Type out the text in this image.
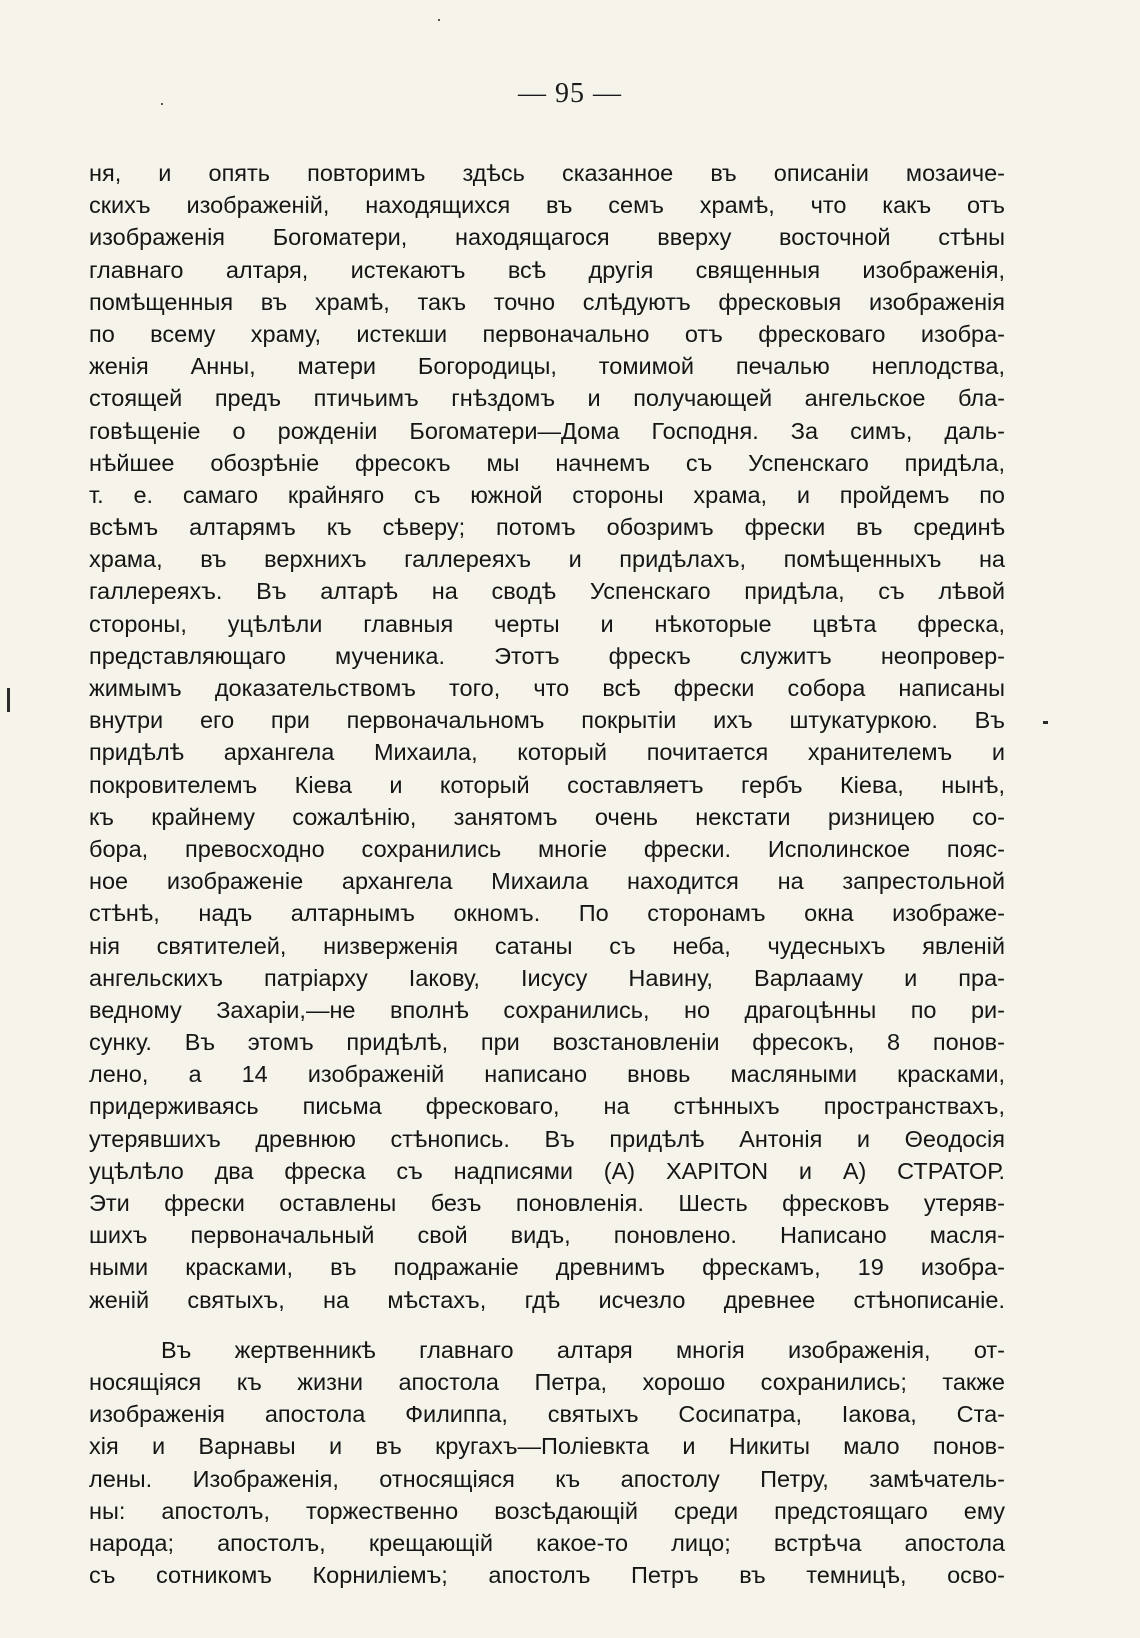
— 95 —
ня, и опять повторимъ здѣсь сказанное въ описанiи мозаиче-
скихъ изображенiй, находящихся въ семъ храмѣ, что какъ отъ
изображенiя Богоматери, находящагося вверху восточной стѣны
главнаго алтаря, истекаютъ всѣ другiя священныя изображенiя,
помѣщенныя въ храмѣ, такъ точно слѣдуютъ фресковыя изображенiя
по всему храму, истекши первоначально отъ фресковаго изобра-
женiя Анны, матери Богородицы, томимой печалью неплодства,
стоящей предъ птичьимъ гнѣздомъ и получающей ангельское бла-
говѣщенiе о рожденiи Богоматери—Дома Господня. За симъ, даль-
нѣйшее обозрѣнiе фресокъ мы начнемъ съ Успенскаго придѣла,
т. е. самаго крайняго съ южной стороны храма, и пройдемъ по
всѣмъ алтарямъ къ сѣверу; потомъ обозримъ фрески въ срединѣ
храма, въ верхнихъ галлереяхъ и придѣлахъ, помѣщенныхъ на
галлереяхъ. Въ алтарѣ на сводѣ Успенскаго придѣла, съ лѣвой
стороны, уцѣлѣли главныя черты и нѣкоторые цвѣта фреска,
представляющаго мученика. Этотъ фрескъ служитъ неопровер-
жимымъ доказательствомъ того, что всѣ фрески собора написаны
внутри его при первоначальномъ покрытiи ихъ штукатуркою. Въ
придѣлѣ архангела Михаила, который почитается хранителемъ и
покровителемъ Кiева и который составляетъ гербъ Кiева, нынѣ,
къ крайнему сожалѣнiю, занятомъ очень некстати ризницею со-
бора, превосходно сохранились многiе фрески. Исполинское пояс-
ное изображенiе архангела Михаила находится на запрестольной
стѣнѣ, надъ алтарнымъ окномъ. По сторонамъ окна изображе-
нiя святителей, низверженiя сатаны съ неба, чудесныхъ явленiй
ангельскихъ патрiарху Iакову, Iисусу Навину, Варлааму и пра-
ведному Захарiи,—не вполнѣ сохранились, но драгоцѣнны по ри-
сунку. Въ этомъ придѣлѣ, при возстановленiи фресокъ, 8 понов-
лено, а 14 изображенiй написано вновь масляными красками,
придерживаясь письма фресковаго, на стѣнныхъ пространствахъ,
утерявшихъ древнюю стѣнопись. Въ придѣлѣ Антонiя и Θеодосiя
уцѣлѣло два фреска съ надписями (А) ХАРIТОN и А) СТРАТОР.
Эти фрески оставлены безъ поновленiя. Шесть фресковъ утеряв-
шихъ первоначальный свой видъ, поновлено. Написано масля-
ными красками, въ подражанiе древнимъ фрескамъ, 19 изобра-
женiй святыхъ, на мѣстахъ, гдѣ исчезло древнее стѣнописанiе.
Въ жертвенникѣ главнаго алтаря многiя изображенiя, от-
носящiяся къ жизни апостола Петра, хорошо сохранились; также
изображенiя апостола Филиппа, святыхъ Сосипатра, Iакова, Ста-
хiя и Варнавы и въ кругахъ—Полiевкта и Никиты мало понов-
лены. Изображенiя, относящiяся къ апостолу Петру, замѣчатель-
ны: апостолъ, торжественно возсѣдающiй среди предстоящаго ему
народа; апостолъ, крещающiй какое-то лицо; встрѣча апостола
съ сотникомъ Корнилiемъ; апостолъ Петръ въ темницѣ, осво-
